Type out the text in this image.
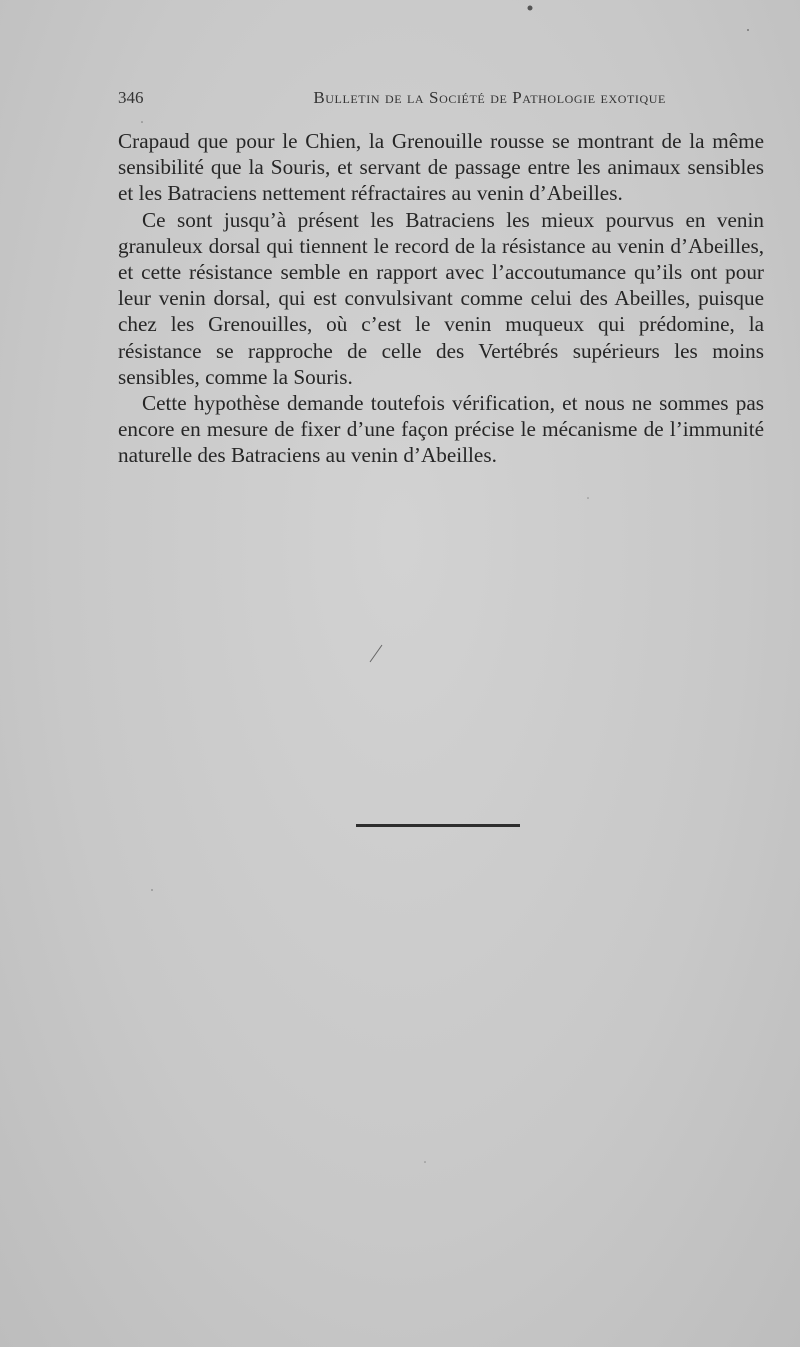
346	Bulletin de la Société de Pathologie exotique

Crapaud que pour le Chien, la Grenouille rousse se montrant de la même sensibilité que la Souris, et servant de passage entre les animaux sensibles et les Batraciens nettement réfractaires au venin d’Abeilles.

Ce sont jusqu’à présent les Batraciens les mieux pourvus en venin granuleux dorsal qui tiennent le record de la résistance au venin d’Abeilles, et cette résistance semble en rapport avec l’accoutumance qu’ils ont pour leur venin dorsal, qui est convulsivant comme celui des Abeilles, puisque chez les Grenouilles, où c’est le venin muqueux qui prédomine, la résistance se rapproche de celle des Vertébrés supérieurs les moins sensibles, comme la Souris.

Cette hypothèse demande toutefois vérification, et nous ne sommes pas encore en mesure de fixer d’une façon précise le mécanisme de l’immunité naturelle des Batraciens au venin d’Abeilles.
